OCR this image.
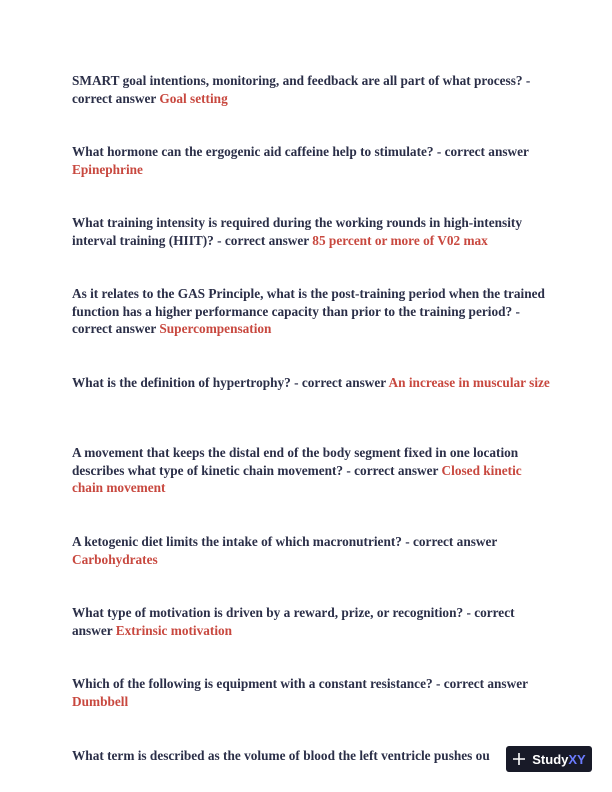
SMART goal intentions, monitoring, and feedback are all part of what process? - correct answer Goal setting

What hormone can the ergogenic aid caffeine help to stimulate? - correct answer Epinephrine

What training intensity is required during the working rounds in high-intensity interval training (HIIT)? - correct answer 85 percent or more of V02 max

As it relates to the GAS Principle, what is the post-training period when the trained function has a higher performance capacity than prior to the training period? - correct answer Supercompensation

What is the definition of hypertrophy? - correct answer An increase in muscular size

A movement that keeps the distal end of the body segment fixed in one location describes what type of kinetic chain movement? - correct answer Closed kinetic chain movement

A ketogenic diet limits the intake of which macronutrient? - correct answer Carbohydrates

What type of motivation is driven by a reward, prize, or recognition? - correct answer Extrinsic motivation

Which of the following is equipment with a constant resistance? - correct answer Dumbbell

What term is described as the volume of blood the left ventricle pushes ou	Study XY
